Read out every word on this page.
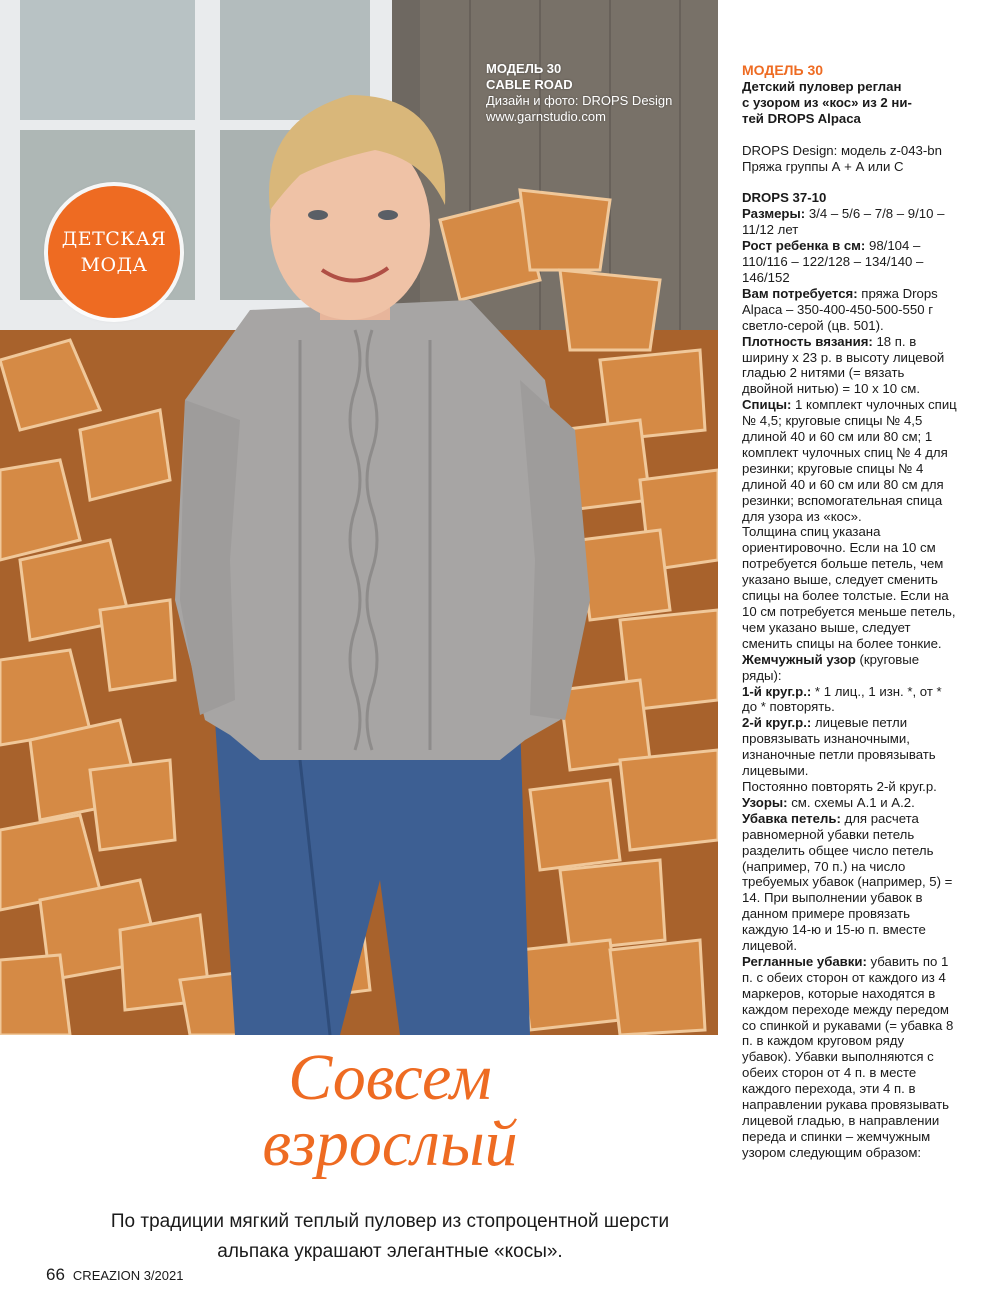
МОДЕЛЬ 30
CABLE ROAD
Дизайн и фото: DROPS Design
www.garnstudio.com
ДЕТСКАЯ
МОДА
Совсем
взрослый
По традиции мягкий теплый пуловер из стопроцентной шерсти
альпака украшают элегантные «косы».
66 CREAZION 3/2021

МОДЕЛЬ 30

Детский пуловер реглан

с узором из «кос» из 2 ни-

тей DROPS Alpaca

DROPS Design: модель z-043-bn

Пряжа группы А + А или С

DROPS 37-10

Размеры: 3/4 – 5/6 – 7/8 – 9/10 – 11/12 лет

Рост ребенка в см: 98/104 – 110/116 – 122/128 – 134/140 – 146/152

Вам потребуется: пряжа Drops Alpaca – 350-400-450-500-550 г светло-серой (цв. 501).

Плотность вязания: 18 п. в ширину х 23 р. в высоту лицевой гладью 2 нитями (= вязать двойной нитью) = 10 х 10 см.

Спицы: 1 комплект чулочных спиц № 4,5; круговые спицы № 4,5 длиной 40 и 60 см или 80 см; 1 комплект чулочных спиц № 4 для резинки; круговые спицы № 4 длиной 40 и 60 см или 80 см для резинки; вспомогательная спица для узора из «кос».

Толщина спиц указана ориентировочно. Если на 10 см потребуется больше петель, чем указано выше, следует сменить спицы на более толстые. Если на 10 см потребуется меньше петель, чем указано выше, следует сменить спицы на более тонкие.

Жемчужный узор (круговые ряды):

1-й круг.р.: * 1 лиц., 1 изн. *, от * до * повторять.

2-й круг.р.: лицевые петли провязывать изнаночными, изнаночные петли провязывать лицевыми.

Постоянно повторять 2-й круг.р.

Узоры: см. схемы А.1 и А.2.

Убавка петель: для расчета равномерной убавки петель разделить общее число петель (например, 70 п.) на число требуемых убавок (например, 5) = 14. При выполнении убавок в данном примере провязать каждую 14-ю и 15-ю п. вместе лицевой.

Регланные убавки: убавить по 1 п. с обеих сторон от каждого из 4 маркеров, которые находятся в каждом переходе между передом со спинкой и рукавами (= убавка 8 п. в каждом круговом ряду убавок). Убавки выполняются с обеих сторон от 4 п. в месте каждого перехода, эти 4 п. в направлении рукава провязывать лицевой гладью, в направлении переда и спинки – жемчужным узором следующим образом:
